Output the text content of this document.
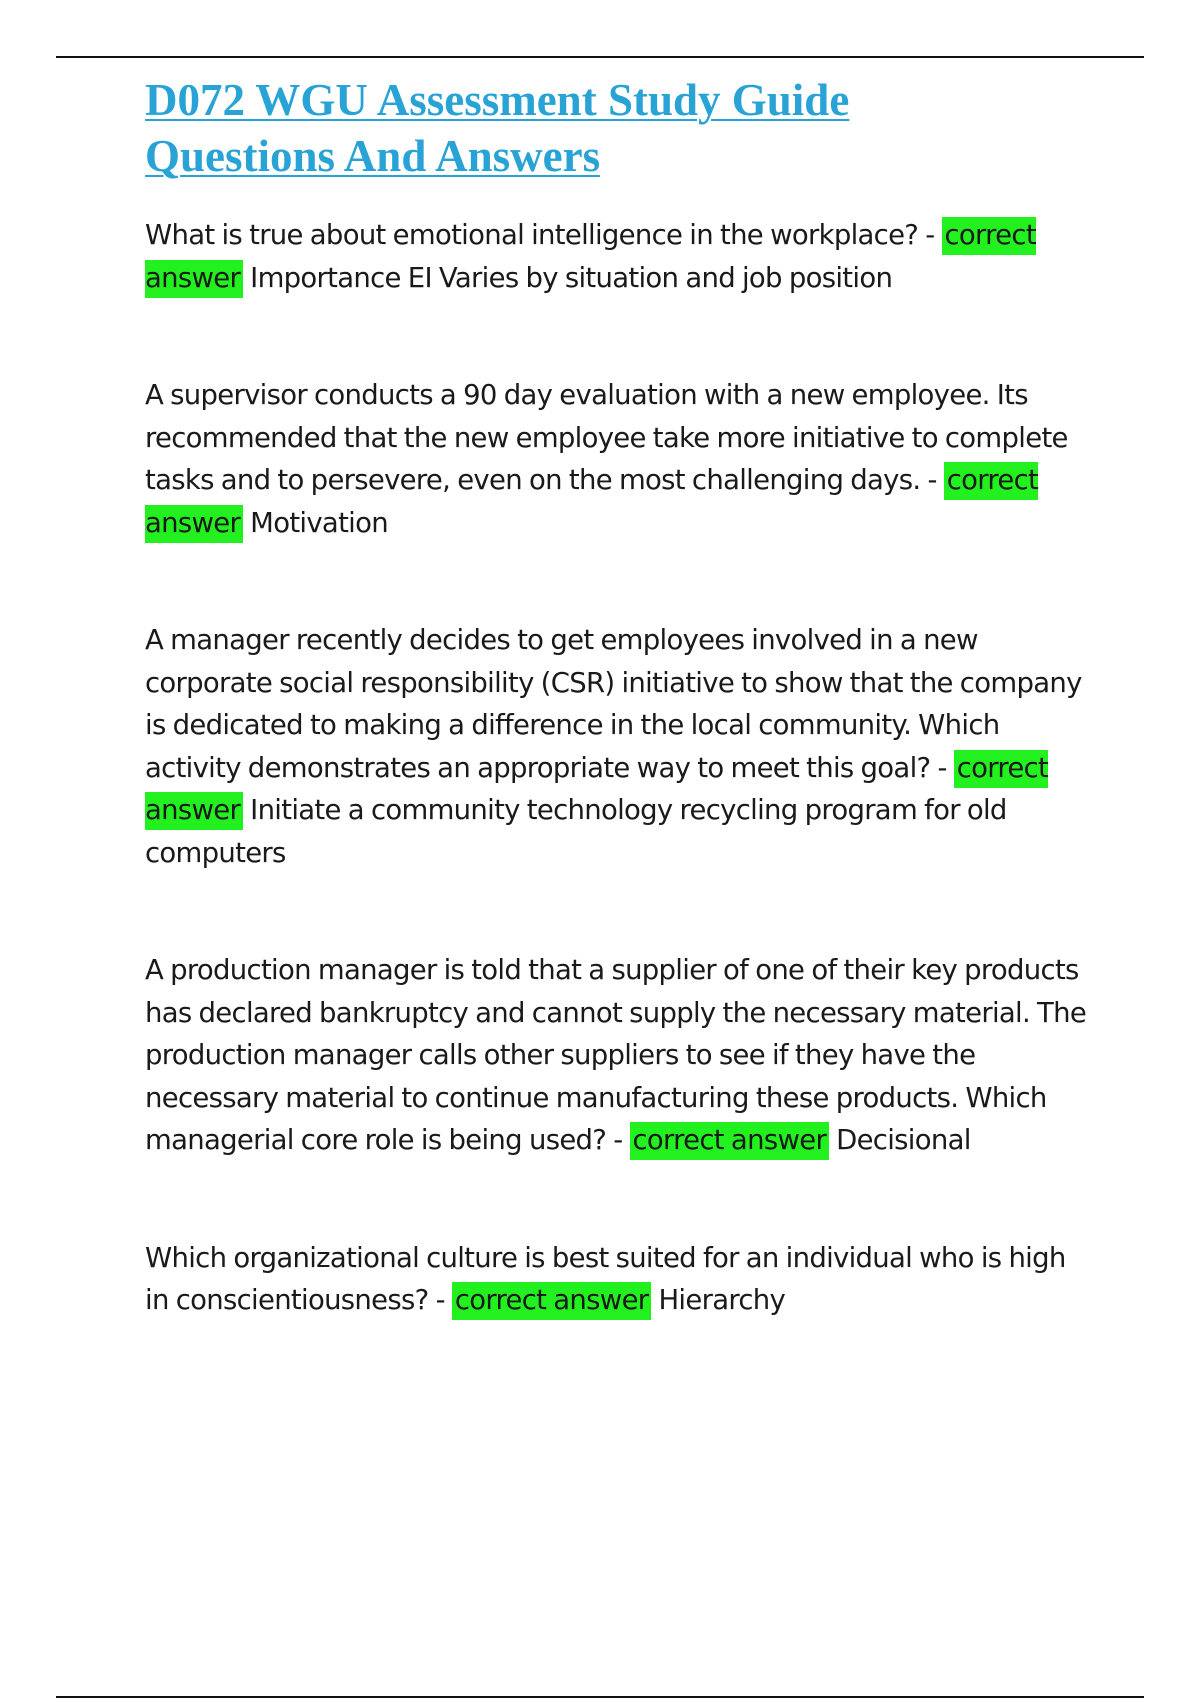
D072 WGU Assessment Study Guide
Questions And Answers

What is true about emotional intelligence in the workplace? - correct answer Importance EI Varies by situation and job position

A supervisor conducts a 90 day evaluation with a new employee. Its recommended that the new employee take more initiative to complete tasks and to persevere, even on the most challenging days. - correct answer Motivation

A manager recently decides to get employees involved in a new corporate social responsibility (CSR) initiative to show that the company is dedicated to making a difference in the local community. Which activity demonstrates an appropriate way to meet this goal? - correct answer Initiate a community technology recycling program for old computers

A production manager is told that a supplier of one of their key products has declared bankruptcy and cannot supply the necessary material. The production manager calls other suppliers to see if they have the necessary material to continue manufacturing these products. Which managerial core role is being used? - correct answer Decisional

Which organizational culture is best suited for an individual who is high in conscientiousness? - correct answer Hierarchy
